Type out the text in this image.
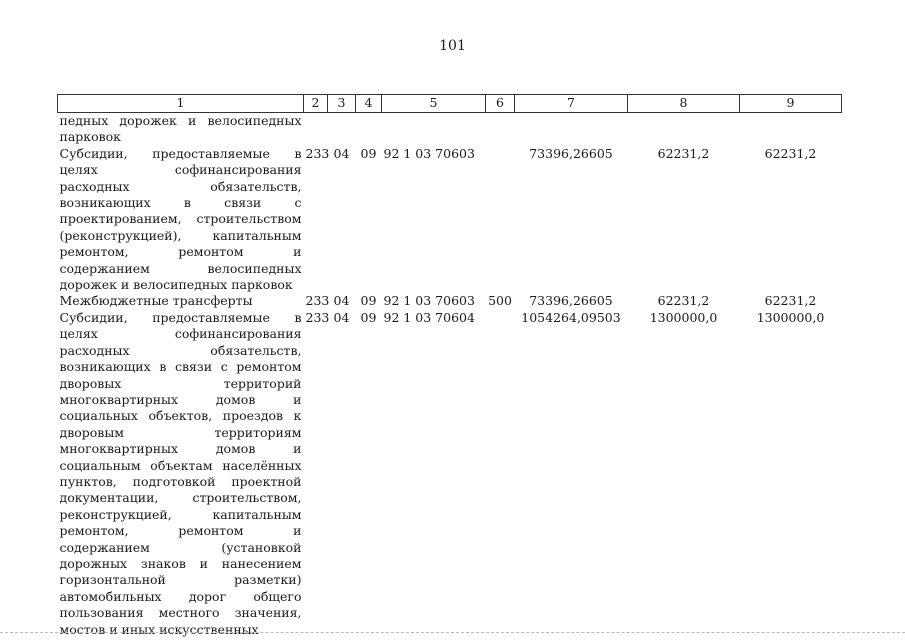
101
1	2	3	4	5	6	7	8	9
педных дорожек и велосипедных парковок								
Субсидии, предоставляемые в целях софинансирования расходных обязательств, возникающих в связи с проектированием, строительством (реконструкцией), капитальным ремонтом, ремонтом и содержанием велосипедных дорожек и велосипедных парковок	233	04	09	92 1 03 70603		73396,26605	62231,2	62231,2
Межбюджетные трансферты	233	04	09	92 1 03 70603	500	73396,26605	62231,2	62231,2
Субсидии, предоставляемые в целях софинансирования расходных обязательств, возникающих в связи с ремонтом дворовых территорий многоквартирных домов и социальных объектов, проездов к дворовым территориям многоквартирных домов и социальным объектам населённых пунктов, подготовкой проектной документации, строительством, реконструкцией, капитальным ремонтом, ремонтом и содержанием (установкой дорожных знаков и нанесением горизонтальной разметки) автомобильных дорог общего пользования местного значения, мостов и иных искусственных	233	04	09	92 1 03 70604		1054264,09503	1300000,0	1300000,0
